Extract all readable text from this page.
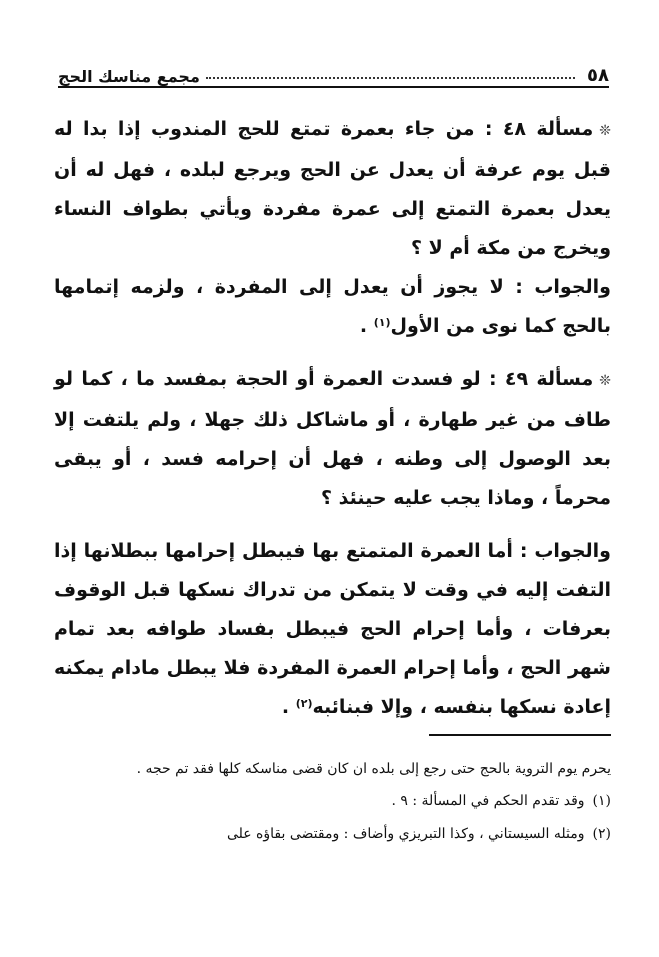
٥٨
مجمع مناسك الحج

❊مسألة ٤٨ : من جاء بعمرة تمتع للحج المندوب إذا بدا له قبل يوم عرفة أن يعدل عن الحج ويرجع لبلده ، فهل له أن يعدل بعمرة التمتع إلى عمرة مفردة ويأتي بطواف النساء ويخرج من مكة أم لا ؟

والجواب : لا يجوز أن يعدل إلى المفردة ، ولزمه إتمامها بالحج كما نوى من الأول$^{(١)}$ .

❊مسألة ٤٩ : لو فسدت العمرة أو الحجة بمفسد ما ، كما لو طاف من غير طهارة ، أو ماشاكل ذلك جهلا ، ولم يلتفت إلا بعد الوصول إلى وطنه ، فهل أن إحرامه فسد ، أو يبقى محرماً ، وماذا يجب عليه حينئذ ؟

والجواب : أما العمرة المتمتع بها فيبطل إحرامها ببطلانها إذا التفت إليه في وقت لا يتمكن من تدراك نسكها قبل الوقوف بعرفات ، وأما إحرام الحج فيبطل بفساد طوافه بعد تمام شهر الحج ، وأما إحرام العمرة المفردة فلا يبطل مادام يمكنه إعادة نسكها بنفسه ، وإلا فبنائبه$^{(٢)}$ .

يحرم يوم التروية بالحج حتى رجع إلى بلده ان كان قضى مناسكه كلها فقد تم حجه .

(١)
وقد تقدم الحكم في المسألة : ٩ .
(٢)
ومثله السيستاني ، وكذا التبريزي وأضاف : ومقتضى بقاؤه على
